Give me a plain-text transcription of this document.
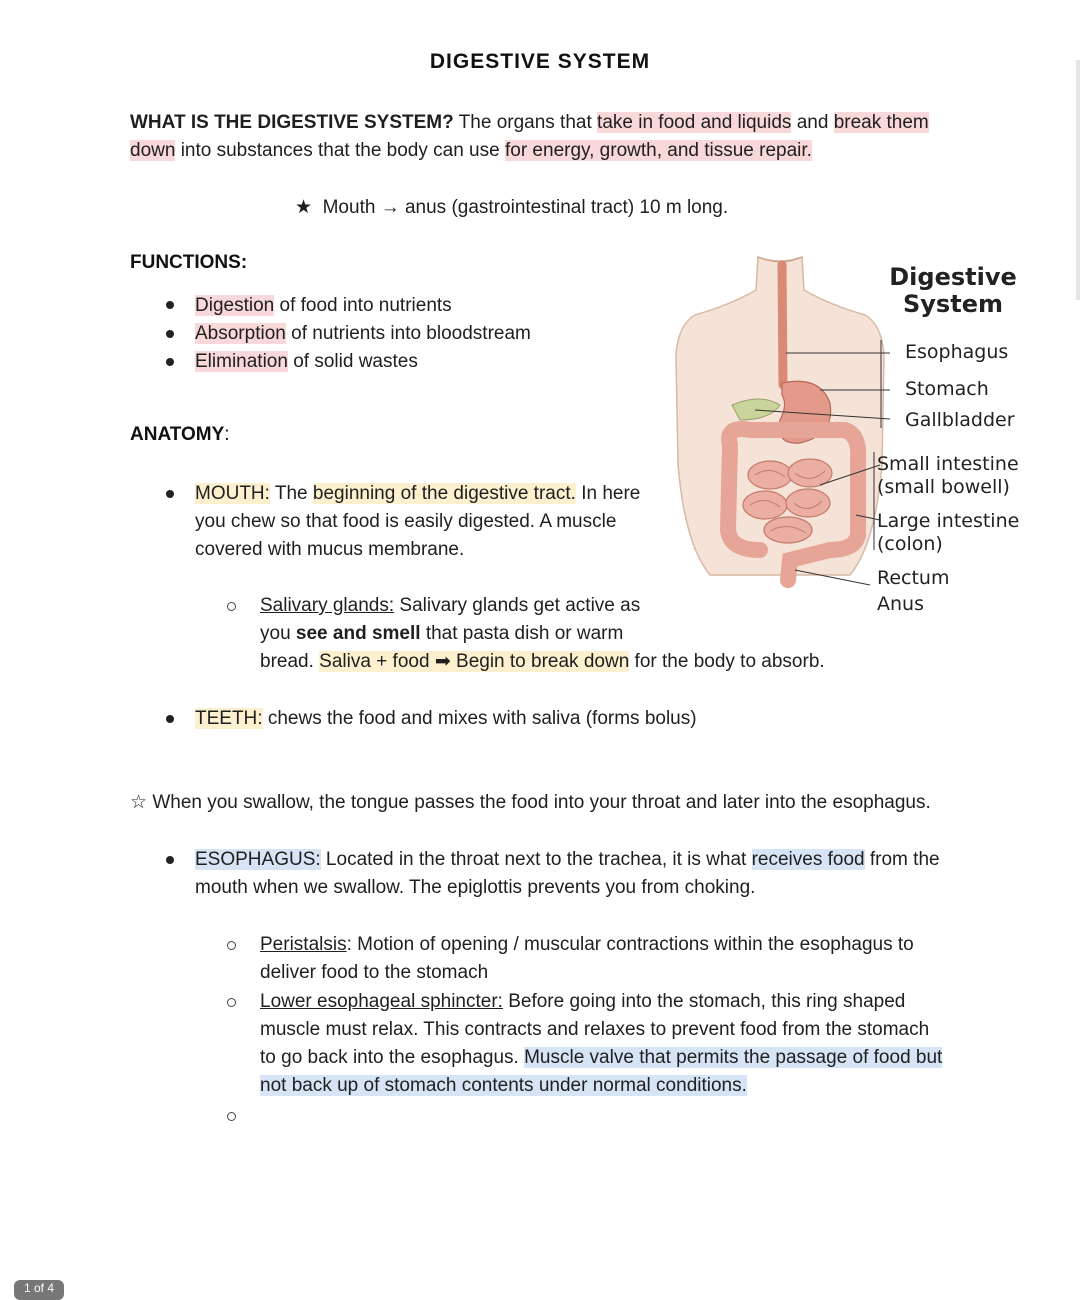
DIGESTIVE SYSTEM
WHAT IS THE DIGESTIVE SYSTEM? The organs that take in food and liquids and break them
down into substances that the body can use for energy, growth, and tissue repair.
★ Mouth → anus (gastrointestinal tract) 10 m long.
FUNCTIONS:
Digestion of food into nutrients
Absorption of nutrients into bloodstream
Elimination of solid wastes
ANATOMY:
MOUTH: The beginning of the digestive tract. In here
you chew so that food is easily digested. A muscle
covered with mucus membrane.
Salivary glands: Salivary glands get active as
you see and smell that pasta dish or warm
bread. Saliva + food ➡ Begin to break down for the body to absorb.
TEETH: chews the food and mixes with saliva (forms bolus)
☆ When you swallow, the tongue passes the food into your throat and later into the esophagus.
ESOPHAGUS: Located in the throat next to the trachea, it is what receives food from the
mouth when we swallow. The epiglottis prevents you from choking.
Peristalsis: Motion of opening / muscular contractions within the esophagus to
deliver food to the stomach
Lower esophageal sphincter: Before going into the stomach, this ring shaped
muscle must relax. This contracts and relaxes to prevent food from the stomach
to go back into the esophagus. Muscle valve that permits the passage of food but
not back up of stomach contents under normal conditions.
Digestive
System
Esophagus
Stomach
Gallbladder
Small intestine
(small bowell)
Large intestine
(colon)
Rectum
Anus
1 of 4
